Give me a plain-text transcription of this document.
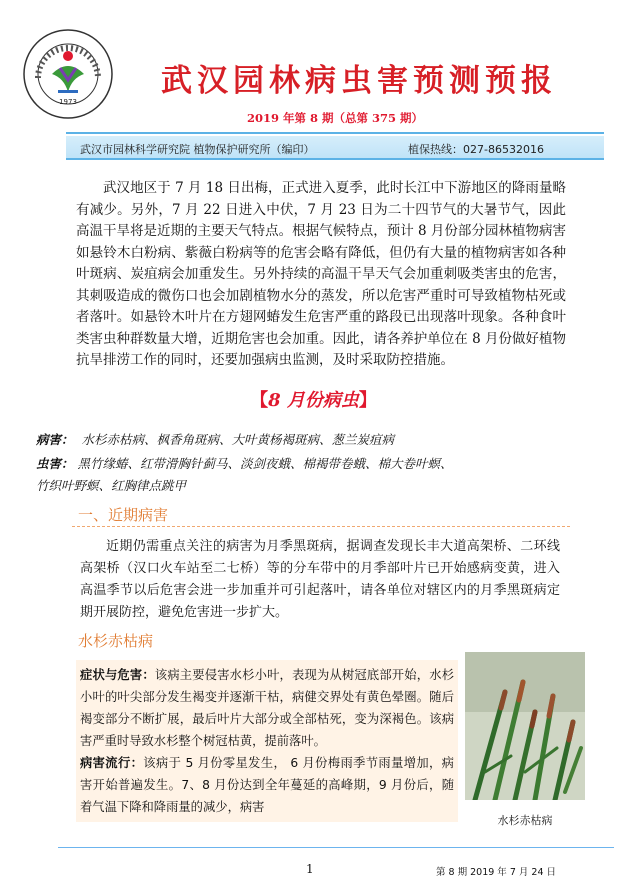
1973
武汉园林病虫害预测预报
2019 年第 8 期（总第 375 期）
武汉市园林科学研究院 植物保护研究所（编印）	植保热线：027-86532016

武汉地区于 7 月 18 日出梅，正式进入夏季，此时长江中下游地区的降雨量略有减少。另外，7 月 22 日进入中伏，7 月 23 日为二十四节气的大暑节气，因此高温干旱将是近期的主要天气特点。根据气候特点，预计 8 月份部分园林植物病害如悬铃木白粉病、紫薇白粉病等的危害会略有降低，但仍有大量的植物病害如各种叶斑病、炭疽病会加重发生。另外持续的高温干旱天气会加重刺吸类害虫的危害，其刺吸造成的微伤口也会加剧植物水分的蒸发，所以危害严重时可导致植物枯死或者落叶。如悬铃木叶片在方翅网蝽发生危害严重的路段已出现落叶现象。各种食叶类害虫种群数量大增，近期危害也会加重。因此，请各养护单位在 8 月份做好植物抗旱排涝工作的同时，还要加强病虫监测，及时采取防控措施。

【8 月份病虫】
病害： 水杉赤枯病、枫香角斑病、大叶黄杨褐斑病、葱兰炭疽病
虫害： 黑竹缘蝽、红带滑胸针蓟马、淡剑夜蛾、棉褐带卷蛾、棉大卷叶螟、
竹织叶野螟、红胸律点跳甲
一、近期病害

近期仍需重点关注的病害为月季黑斑病，据调查发现长丰大道高架桥、二环线高架桥（汉口火车站至二七桥）等的分车带中的月季部叶片已开始感病变黄，进入高温季节以后危害会进一步加重并可引起落叶，请各单位对辖区内的月季黑斑病定期开展防控，避免危害进一步扩大。

水杉赤枯病
症状与危害：该病主要侵害水杉小叶，表现为从树冠底部开始，水杉小叶的叶尖部分发生褐变并逐渐干枯，病健交界处有黄色晕圈。随后褐变部分不断扩展，最后叶片大部分或全部枯死，变为深褐色。该病害严重时导致水杉整个树冠枯黄，提前落叶。
病害流行：该病于 5 月份零星发生， 6 月份梅雨季节雨量增加，病害开始普遍发生。7、8 月份达到全年蔓延的高峰期，9 月份后，随着气温下降和降雨量的减少，病害
水杉赤枯病
1	第 8 期 2019 年 7 月 24 日
